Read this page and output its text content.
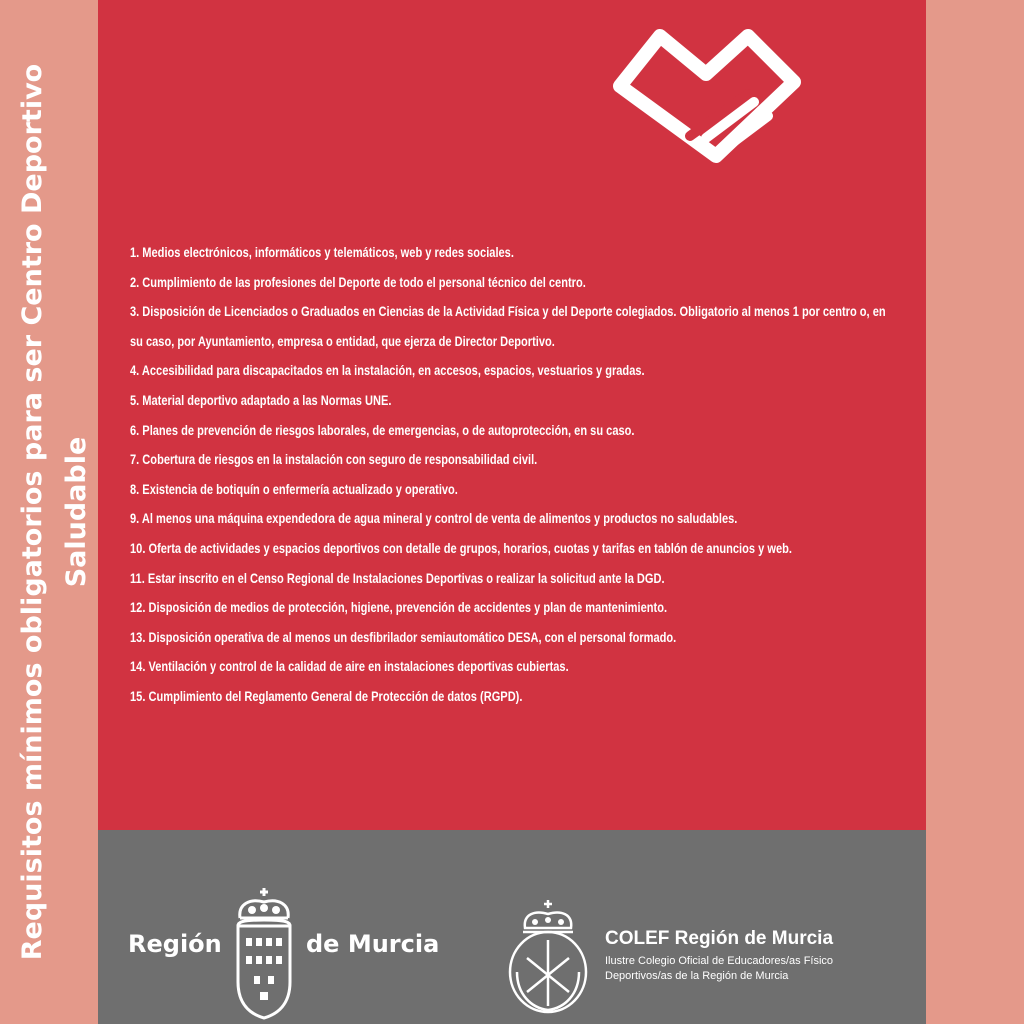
Requisitos mínimos obligatorios para ser Centro Deportivo Saludable
1. Medios electrónicos, informáticos y telemáticos, web y redes sociales.
2. Cumplimiento de las profesiones del Deporte de todo el personal técnico del centro.
3. Disposición de Licenciados o Graduados en Ciencias de la Actividad Física y del Deporte colegiados. Obligatorio al menos 1 por centro o, en su caso, por Ayuntamiento, empresa o entidad, que ejerza de Director Deportivo.
4. Accesibilidad para discapacitados en la instalación, en accesos, espacios, vestuarios y gradas.
5. Material deportivo adaptado a las Normas UNE.
6. Planes de prevención de riesgos laborales, de emergencias, o de autoprotección, en su caso.
7. Cobertura de riesgos en la instalación con seguro de responsabilidad civil.
8. Existencia de botiquín o enfermería actualizado y operativo.
9. Al menos una máquina expendedora de agua mineral y control de venta de alimentos y productos no saludables.
10. Oferta de actividades y espacios deportivos con detalle de grupos, horarios, cuotas y tarifas en tablón de anuncios y web.
11. Estar inscrito en el Censo Regional de Instalaciones Deportivas o realizar la solicitud ante la DGD.
12. Disposición de medios de protección, higiene, prevención de accidentes y plan de mantenimiento.
13. Disposición operativa de al menos un desfibrilador semiautomático DESA, con el personal formado.
14. Ventilación y control de la calidad de aire en instalaciones deportivas cubiertas.
15. Cumplimiento del Reglamento General de Protección de datos (RGPD).
Región	de Murcia	COLEF Región de Murcia
Ilustre Colegio Oficial de Educadores/as Físico
Deportivos/as de la Región de Murcia
